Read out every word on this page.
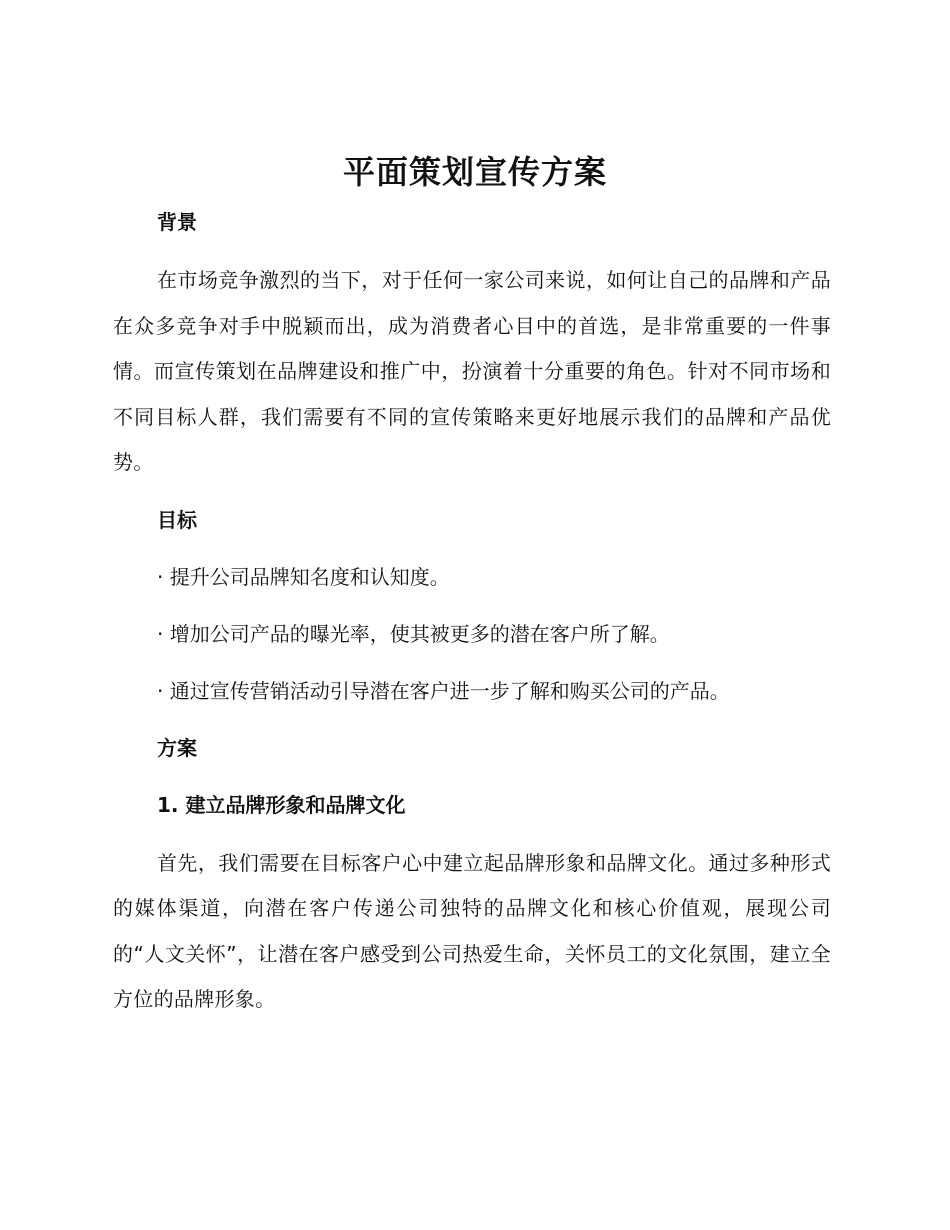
平面策划宣传方案

背景

在市场竞争激烈的当下，对于任何一家公司来说，如何让自己的品牌和产品在众多竞争对手中脱颖而出，成为消费者心目中的首选，是非常重要的一件事情。而宣传策划在品牌建设和推广中，扮演着十分重要的角色。针对不同市场和不同目标人群，我们需要有不同的宣传策略来更好地展示我们的品牌和产品优势。

目标

· 提升公司品牌知名度和认知度。

· 增加公司产品的曝光率，使其被更多的潜在客户所了解。

· 通过宣传营销活动引导潜在客户进一步了解和购买公司的产品。

方案

1. 建立品牌形象和品牌文化

首先，我们需要在目标客户心中建立起品牌形象和品牌文化。通过多种形式的媒体渠道，向潜在客户传递公司独特的品牌文化和核心价值观，展现公司的“人文关怀”，让潜在客户感受到公司热爱生命，关怀员工的文化氛围，建立全方位的品牌形象。
